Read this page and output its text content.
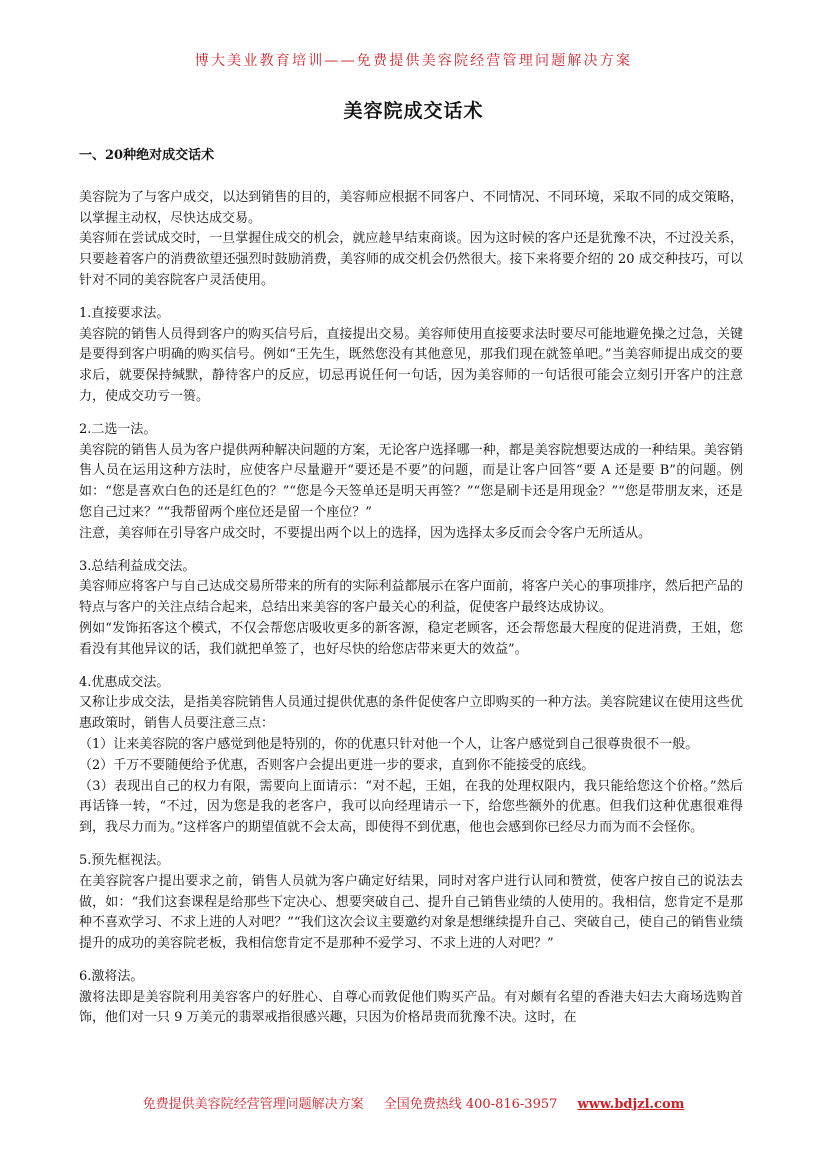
博大美业教育培训——免费提供美容院经营管理问题解决方案
美容院成交话术

一、20种绝对成交话术

美容院为了与客户成交，以达到销售的目的，美容师应根据不同客户、不同情况、不同环境，采取不同的成交策略，以掌握主动权，尽快达成交易。

美容师在尝试成交时，一旦掌握住成交的机会，就应趁早结束商谈。因为这时候的客户还是犹豫不决，不过没关系，只要趁着客户的消费欲望还强烈时鼓励消费，美容师的成交机会仍然很大。接下来将要介绍的 20 成交种技巧，可以针对不同的美容院客户灵活使用。

1.直接要求法。

美容院的销售人员得到客户的购买信号后，直接提出交易。美容师使用直接要求法时要尽可能地避免操之过急，关键是要得到客户明确的购买信号。例如“王先生，既然您没有其他意见，那我们现在就签单吧。”当美容师提出成交的要求后，就要保持缄默，静待客户的反应，切忌再说任何一句话，因为美容师的一句话很可能会立刻引开客户的注意力，使成交功亏一篑。

2.二选一法。

美容院的销售人员为客户提供两种解决问题的方案，无论客户选择哪一种，都是美容院想要达成的一种结果。美容销售人员在运用这种方法时，应使客户尽量避开“要还是不要”的问题，而是让客户回答“要 A 还是要 B”的问题。例如：“您是喜欢白色的还是红色的？”“您是今天签单还是明天再签？”“您是刷卡还是用现金？”“您是带朋友来，还是您自己过来？”“我帮留两个座位还是留一个座位？”

注意，美容师在引导客户成交时，不要提出两个以上的选择，因为选择太多反而会令客户无所适从。

3.总结利益成交法。

美容师应将客户与自己达成交易所带来的所有的实际利益都展示在客户面前，将客户关心的事项排序，然后把产品的特点与客户的关注点结合起来，总结出来美容的客户最关心的利益，促使客户最终达成协议。

例如“发饰拓客这个模式，不仅会帮您店吸收更多的新客源，稳定老顾客，还会帮您最大程度的促进消费，王姐，您看没有其他异议的话，我们就把单签了，也好尽快的给您店带来更大的效益”。

4.优惠成交法。

又称让步成交法，是指美容院销售人员通过提供优惠的条件促使客户立即购买的一种方法。美容院建议在使用这些优惠政策时，销售人员要注意三点：

（1）让来美容院的客户感觉到他是特别的，你的优惠只针对他一个人，让客户感觉到自己很尊贵很不一般。

（2）千万不要随便给予优惠，否则客户会提出更进一步的要求，直到你不能接受的底线。

（3）表现出自己的权力有限，需要向上面请示：“对不起，王姐，在我的处理权限内，我只能给您这个价格。”然后再话锋一转，“不过，因为您是我的老客户，我可以向经理请示一下，给您些额外的优惠。但我们这种优惠很难得到，我尽力而为。”这样客户的期望值就不会太高，即使得不到优惠，他也会感到你已经尽力而为而不会怪你。

5.预先框视法。

在美容院客户提出要求之前，销售人员就为客户确定好结果，同时对客户进行认同和赞赏，使客户按自己的说法去做，如：“我们这套课程是给那些下定决心、想要突破自己、提升自己销售业绩的人使用的。我相信，您肯定不是那种不喜欢学习、不求上进的人对吧？”“我们这次会议主要邀约对象是想继续提升自己、突破自己，使自己的销售业绩提升的成功的美容院老板，我相信您肯定不是那种不爱学习、不求上进的人对吧？”

6.激将法。

激将法即是美容院利用美容客户的好胜心、自尊心而敦促他们购买产品。有对颇有名望的香港夫妇去大商场选购首饰，他们对一只 9 万美元的翡翠戒指很感兴趣，只因为价格昂贵而犹豫不决。这时，在

免费提供美容院经营管理问题解决方案 全国免费热线 400-816-3957 www.bdjzl.com
